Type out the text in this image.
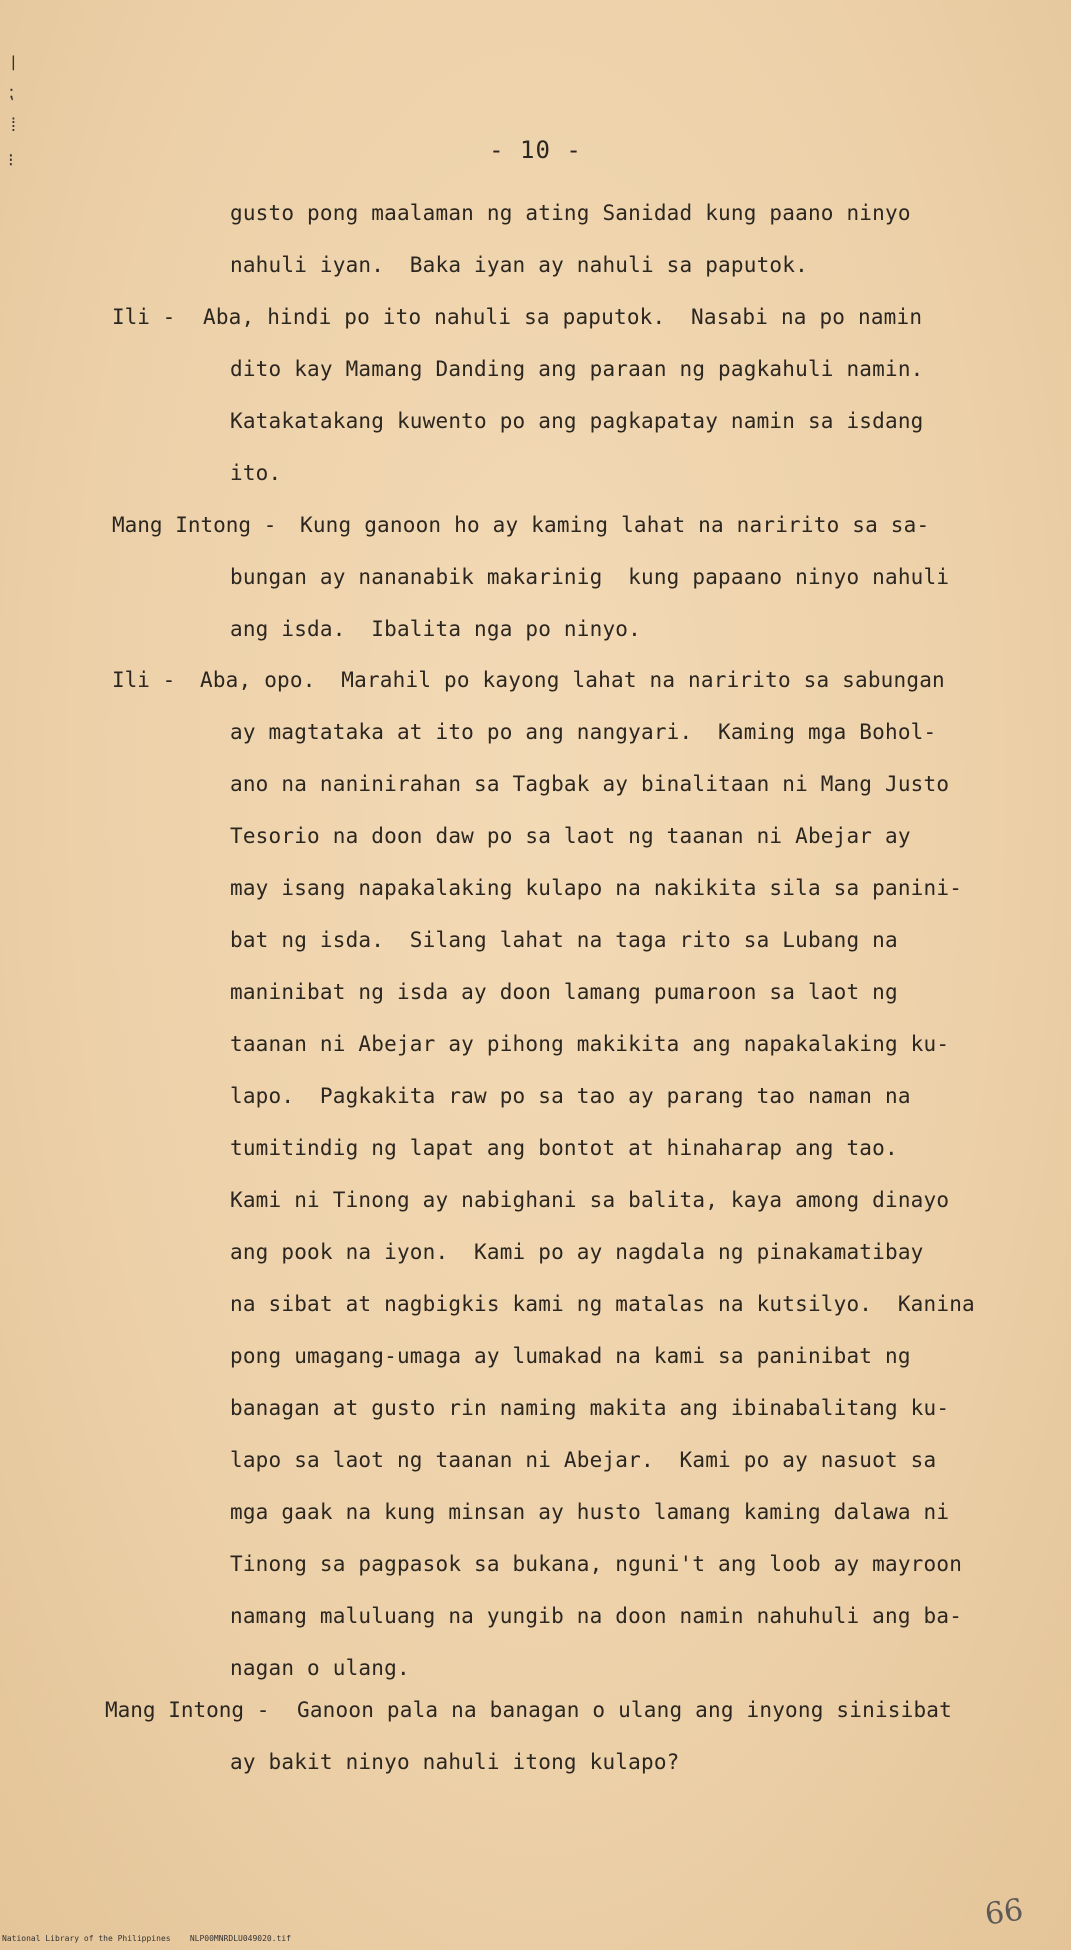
- 10 -
❘
⁏
⁞
⁝
gusto pong maalaman ng ating Sanidad kung paano ninyo
nahuli iyan.  Baka iyan ay nahuli sa paputok.
Ili - Aba, hindi po ito nahuli sa paputok.  Nasabi na po namin
dito kay Mamang Danding ang paraan ng pagkahuli namin.
Katakatakang kuwento po ang pagkapatay namin sa isdang
ito.
Mang Intong - Kung ganoon ho ay kaming lahat na naririto sa sa-
bungan ay nananabik makarinig  kung papaano ninyo nahuli
ang isda.  Ibalita nga po ninyo.
Ili - Aba, opo.  Marahil po kayong lahat na naririto sa sabungan
ay magtataka at ito po ang nangyari.  Kaming mga Bohol-
ano na naninirahan sa Tagbak ay binalitaan ni Mang Justo
Tesorio na doon daw po sa laot ng taanan ni Abejar ay
may isang napakalaking kulapo na nakikita sila sa panini-
bat ng isda.  Silang lahat na taga rito sa Lubang na
maninibat ng isda ay doon lamang pumaroon sa laot ng
taanan ni Abejar ay pihong makikita ang napakalaking ku-
lapo.  Pagkakita raw po sa tao ay parang tao naman na
tumitindig ng lapat ang bontot at hinaharap ang tao.
Kami ni Tinong ay nabighani sa balita, kaya among dinayo
ang pook na iyon.  Kami po ay nagdala ng pinakamatibay
na sibat at nagbigkis kami ng matalas na kutsilyo.  Kanina
pong umagang-umaga ay lumakad na kami sa paninibat ng
banagan at gusto rin naming makita ang ibinabalitang ku-
lapo sa laot ng taanan ni Abejar.  Kami po ay nasuot sa
mga gaak na kung minsan ay husto lamang kaming dalawa ni
Tinong sa pagpasok sa bukana, nguni't ang loob ay mayroon
namang maluluang na yungib na doon namin nahuhuli ang ba-
nagan o ulang.
Mang Intong - Ganoon pala na banagan o ulang ang inyong sinisibat
ay bakit ninyo nahuli itong kulapo?
National Library of the Philippines    NLP00MNRDLU049020.tif
66
